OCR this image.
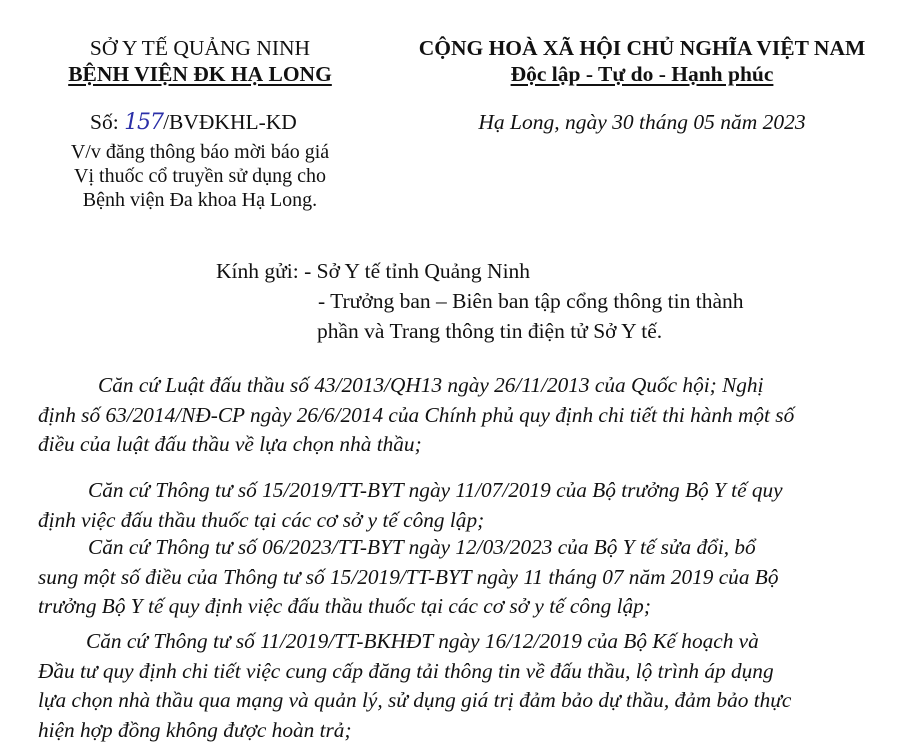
SỞ Y TẾ QUẢNG NINH
BỆNH VIỆN ĐK HẠ LONG
Số: 157/BVĐKHL-KD
V/v đăng thông báo mời báo giá
Vị thuốc cổ truyền sử dụng cho
Bệnh viện Đa khoa Hạ Long.
CỘNG HOÀ XÃ HỘI CHỦ NGHĨA VIỆT NAM
Độc lập - Tự do - Hạnh phúc
Hạ Long, ngày 30 tháng 05 năm 2023
Kính gửi: - Sở Y tế tỉnh Quảng Ninh
- Trưởng ban – Biên ban tập cổng thông tin thành
phần và Trang thông tin điện tử Sở Y tế.
Căn cứ Luật đấu thầu số 43/2013/QH13 ngày 26/11/2013 của Quốc hội; Nghị
định số 63/2014/NĐ-CP ngày 26/6/2014 của Chính phủ quy định chi tiết thi hành một số
điều của luật đấu thầu về lựa chọn nhà thầu;
Căn cứ Thông tư số 15/2019/TT-BYT ngày 11/07/2019 của Bộ trưởng Bộ Y tế quy
định việc đấu thầu thuốc tại các cơ sở y tế công lập;
Căn cứ Thông tư số 06/2023/TT-BYT ngày 12/03/2023 của Bộ Y tế sửa đổi, bổ
sung một số điều của Thông tư số 15/2019/TT-BYT ngày 11 tháng 07 năm 2019 của Bộ
trưởng Bộ Y tế quy định việc đấu thầu thuốc tại các cơ sở y tế công lập;
Căn cứ Thông tư số 11/2019/TT-BKHĐT ngày 16/12/2019 của Bộ Kế hoạch và
Đầu tư quy định chi tiết việc cung cấp đăng tải thông tin về đấu thầu, lộ trình áp dụng
lựa chọn nhà thầu qua mạng và quản lý, sử dụng giá trị đảm bảo dự thầu, đảm bảo thực
hiện hợp đồng không được hoàn trả;
